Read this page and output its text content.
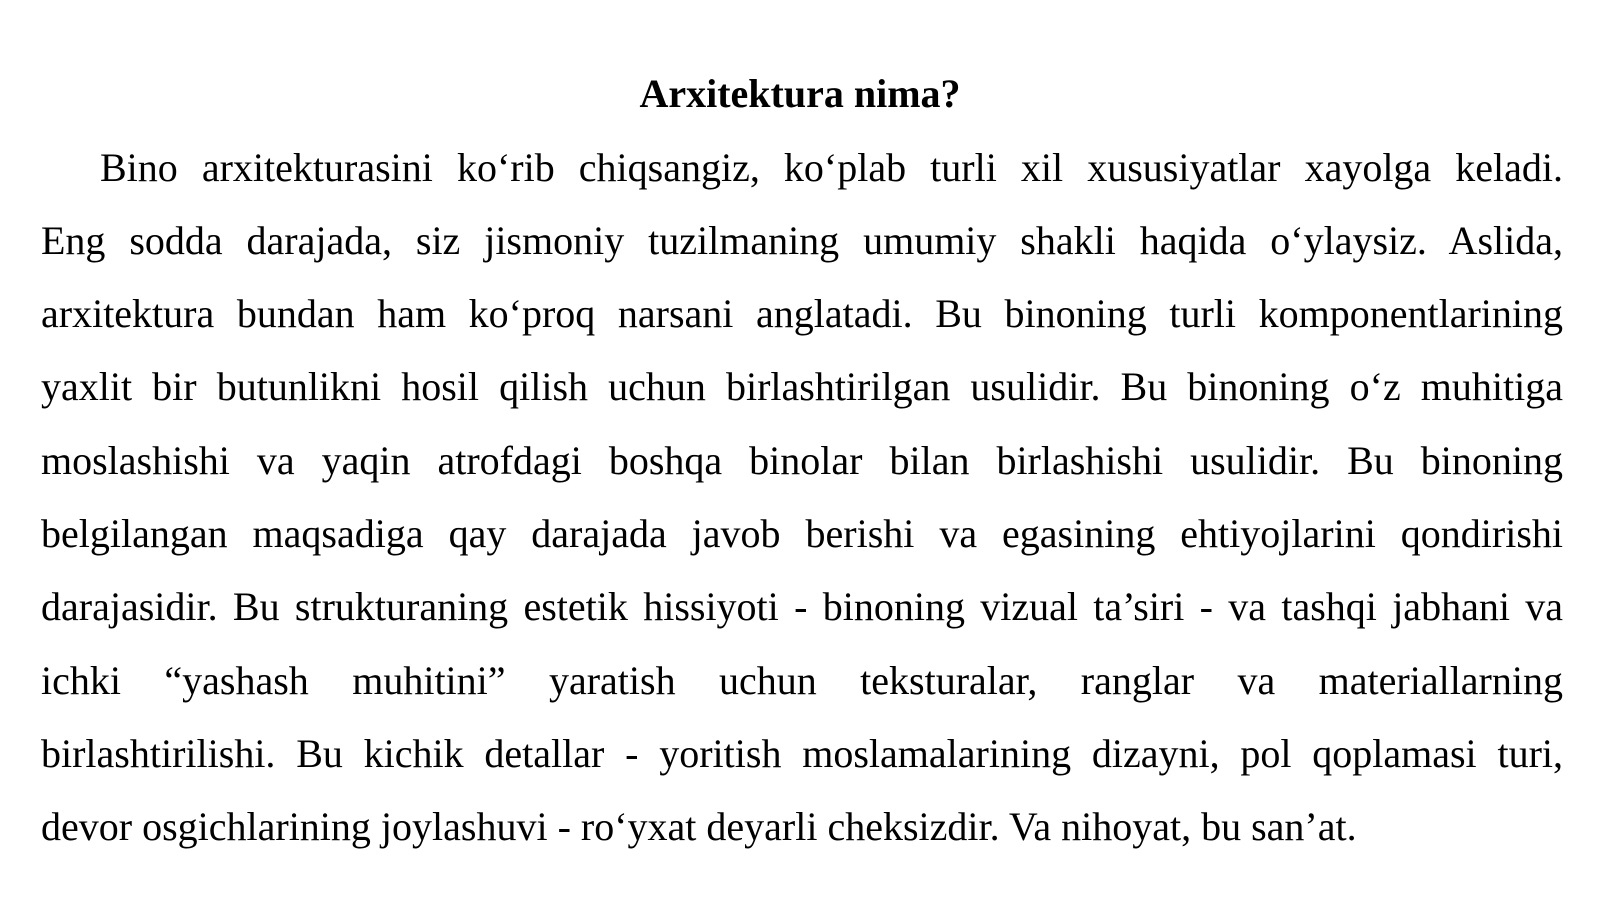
Arxitektura nima?

Bino arxitekturasini ko‘rib chiqsangiz, ko‘plab turli xil xususiyatlar xayolga keladi.

Eng sodda darajada, siz jismoniy tuzilmaning umumiy shakli haqida o‘ylaysiz. Aslida,

arxitektura bundan ham ko‘proq narsani anglatadi. Bu binoning turli komponentlarining

yaxlit bir butunlikni hosil qilish uchun birlashtirilgan usulidir. Bu binoning o‘z muhitiga

moslashishi va yaqin atrofdagi boshqa binolar bilan birlashishi usulidir. Bu binoning

belgilangan maqsadiga qay darajada javob berishi va egasining ehtiyojlarini qondirishi

darajasidir. Bu strukturaning estetik hissiyoti - binoning vizual ta’siri - va tashqi jabhani va

ichki “yashash muhitini” yaratish uchun teksturalar, ranglar va materiallarning

birlashtirilishi. Bu kichik detallar - yoritish moslamalarining dizayni, pol qoplamasi turi,

devor osgichlarining joylashuvi - ro‘yxat deyarli cheksizdir. Va nihoyat, bu san’at.
